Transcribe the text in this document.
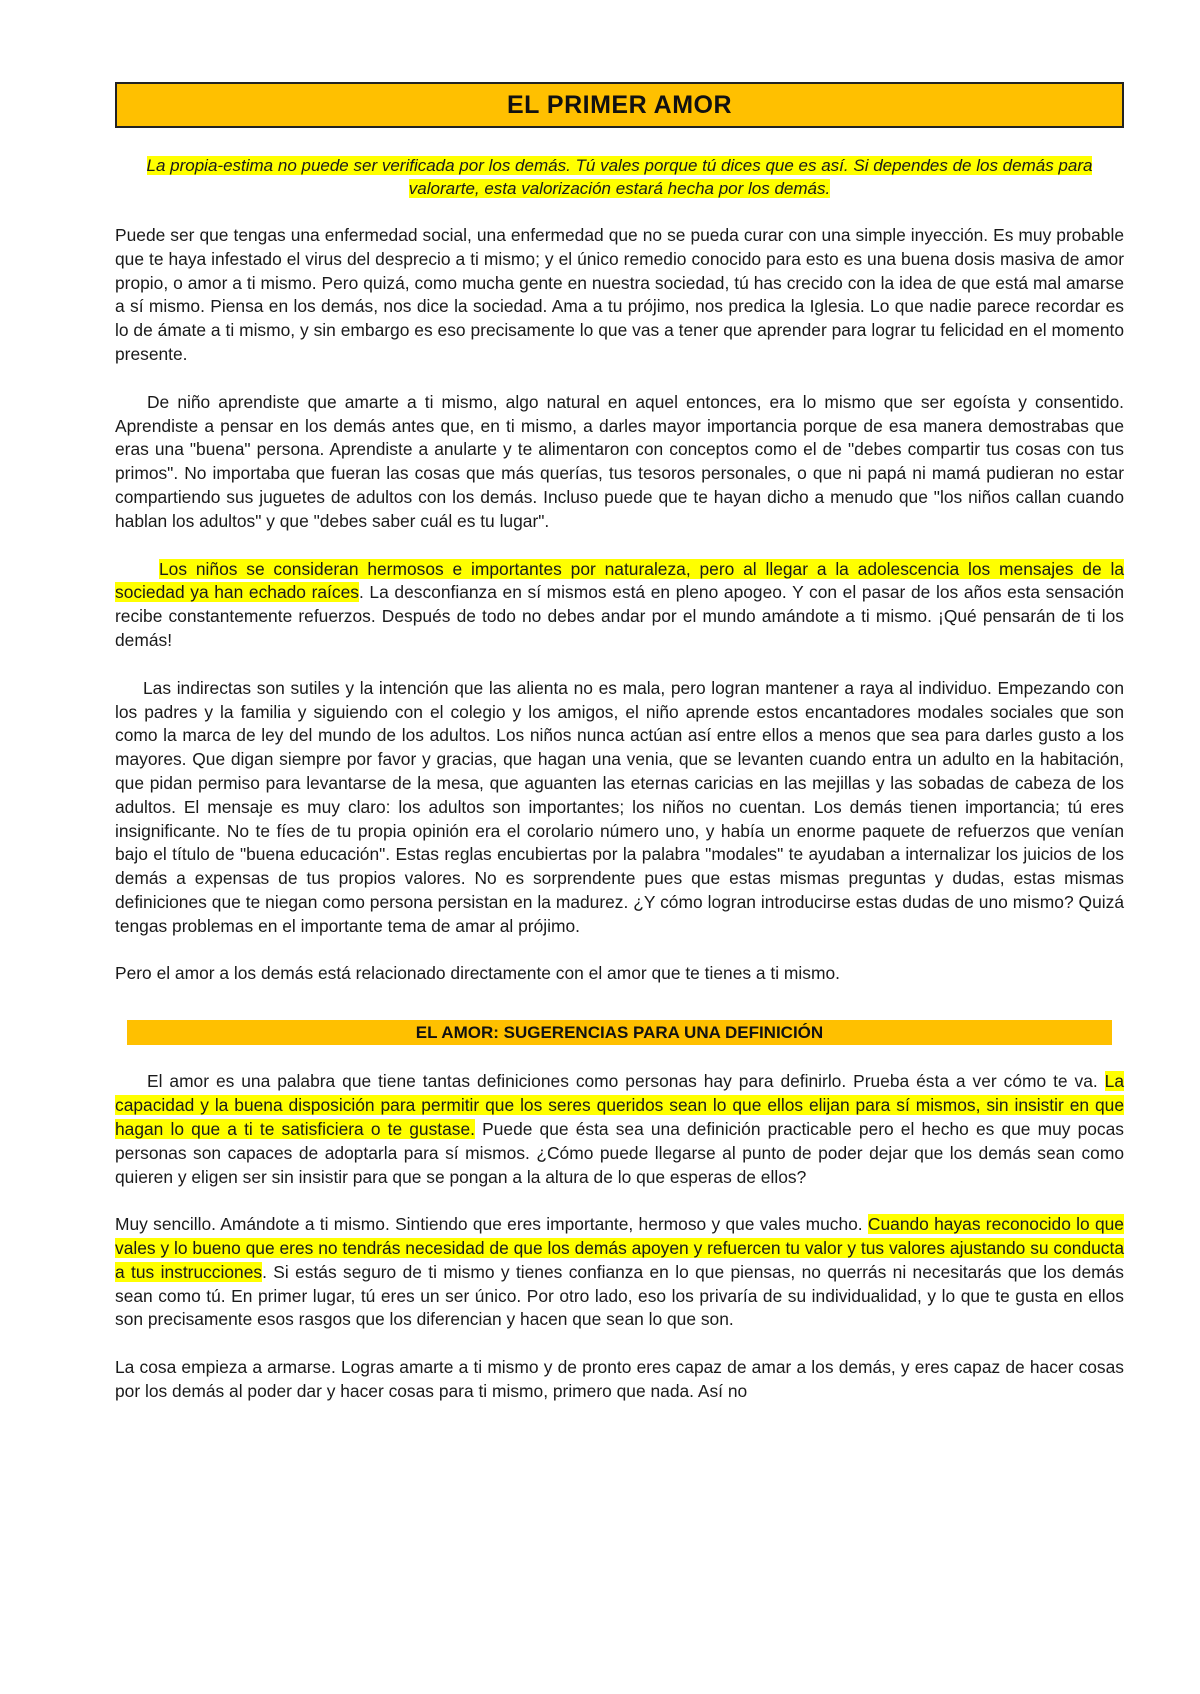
EL PRIMER AMOR
La propia-estima no puede ser verificada por los demás. Tú vales porque tú dices que es así. Si dependes de los demás para valorarte, esta valorización estará hecha por los demás.

Puede ser que tengas una enfermedad social, una enfermedad que no se pueda curar con una simple inyección. Es muy probable que te haya infestado el virus del desprecio a ti mismo; y el único remedio conocido para esto es una buena dosis masiva de amor propio, o amor a ti mismo. Pero quizá, como mucha gente en nuestra sociedad, tú has crecido con la idea de que está mal amarse a sí mismo. Piensa en los demás, nos dice la sociedad. Ama a tu prójimo, nos predica la Iglesia. Lo que nadie parece recordar es lo de ámate a ti mismo, y sin embargo es eso precisamente lo que vas a tener que aprender para lograr tu felicidad en el momento presente.

De niño aprendiste que amarte a ti mismo, algo natural en aquel entonces, era lo mismo que ser egoísta y consentido. Aprendiste a pensar en los demás antes que, en ti mismo, a darles mayor importancia porque de esa manera demostrabas que eras una "buena" persona. Aprendiste a anularte y te alimentaron con conceptos como el de "debes compartir tus cosas con tus primos". No importaba que fueran las cosas que más querías, tus tesoros personales, o que ni papá ni mamá pudieran no estar compartiendo sus juguetes de adultos con los demás. Incluso puede que te hayan dicho a menudo que "los niños callan cuando hablan los adultos" y que "debes saber cuál es tu lugar".

Los niños se consideran hermosos e importantes por naturaleza, pero al llegar a la adolescencia los mensajes de la sociedad ya han echado raíces. La desconfianza en sí mismos está en pleno apogeo. Y con el pasar de los años esta sensación recibe constantemente refuerzos. Después de todo no debes andar por el mundo amándote a ti mismo. ¡Qué pensarán de ti los demás!

Las indirectas son sutiles y la intención que las alienta no es mala, pero logran mantener a raya al individuo. Empezando con los padres y la familia y siguiendo con el colegio y los amigos, el niño aprende estos encantadores modales sociales que son como la marca de ley del mundo de los adultos. Los niños nunca actúan así entre ellos a menos que sea para darles gusto a los mayores. Que digan siempre por favor y gracias, que hagan una venia, que se levanten cuando entra un adulto en la habitación, que pidan permiso para levantarse de la mesa, que aguanten las eternas caricias en las mejillas y las sobadas de cabeza de los adultos. El mensaje es muy claro: los adultos son importantes; los niños no cuentan. Los demás tienen importancia; tú eres insignificante. No te fíes de tu propia opinión era el corolario número uno, y había un enorme paquete de refuerzos que venían bajo el título de "buena educación". Estas reglas encubiertas por la palabra "modales" te ayudaban a internalizar los juicios de los demás a expensas de tus propios valores. No es sorprendente pues que estas mismas preguntas y dudas, estas mismas definiciones que te niegan como persona persistan en la madurez. ¿Y cómo logran introducirse estas dudas de uno mismo? Quizá tengas problemas en el importante tema de amar al prójimo.

Pero el amor a los demás está relacionado directamente con el amor que te tienes a ti mismo.

EL AMOR: SUGERENCIAS PARA UNA DEFINICIÓN

El amor es una palabra que tiene tantas definiciones como personas hay para definirlo. Prueba ésta a ver cómo te va. La capacidad y la buena disposición para permitir que los seres queridos sean lo que ellos elijan para sí mismos, sin insistir en que hagan lo que a ti te satisficiera o te gustase. Puede que ésta sea una definición practicable pero el hecho es que muy pocas personas son capaces de adoptarla para sí mismos. ¿Cómo puede llegarse al punto de poder dejar que los demás sean como quieren y eligen ser sin insistir para que se pongan a la altura de lo que esperas de ellos?

Muy sencillo. Amándote a ti mismo. Sintiendo que eres importante, hermoso y que vales mucho. Cuando hayas reconocido lo que vales y lo bueno que eres no tendrás necesidad de que los demás apoyen y refuercen tu valor y tus valores ajustando su conducta a tus instrucciones. Si estás seguro de ti mismo y tienes confianza en lo que piensas, no querrás ni necesitarás que los demás sean como tú. En primer lugar, tú eres un ser único. Por otro lado, eso los privaría de su individualidad, y lo que te gusta en ellos son precisamente esos rasgos que los diferencian y hacen que sean lo que son.

La cosa empieza a armarse. Logras amarte a ti mismo y de pronto eres capaz de amar a los demás, y eres capaz de hacer cosas por los demás al poder dar y hacer cosas para ti mismo, primero que nada. Así no
